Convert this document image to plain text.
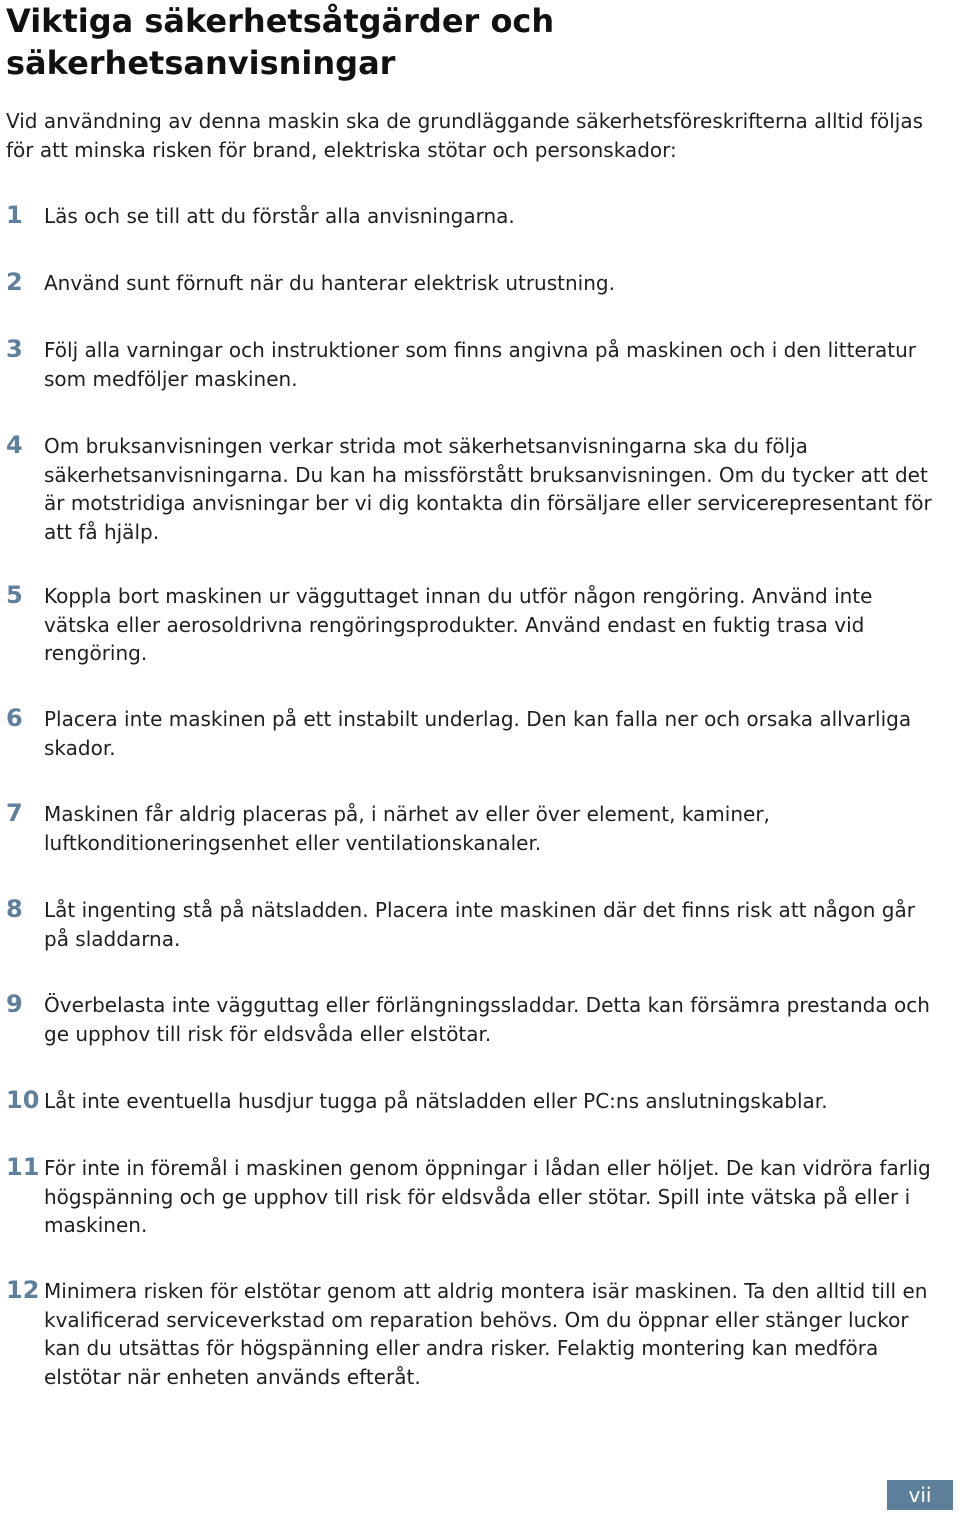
Viktiga säkerhetsåtgärder och säkerhetsanvisningar

Vid användning av denna maskin ska de grundläggande säkerhetsföreskrifterna alltid följas för att minska risken för brand, elektriska stötar och personskador:

1 Läs och se till att du förstår alla anvisningarna.

2 Använd sunt förnuft när du hanterar elektrisk utrustning.

3 Följ alla varningar och instruktioner som finns angivna på maskinen och i den litteratur som medföljer maskinen.

4 Om bruksanvisningen verkar strida mot säkerhetsanvisningarna ska du följa säkerhetsanvisningarna. Du kan ha missförstått bruksanvisningen. Om du tycker att det är motstridiga anvisningar ber vi dig kontakta din försäljare eller servicerepresentant för att få hjälp.

5 Koppla bort maskinen ur vägguttaget innan du utför någon rengöring. Använd inte vätska eller aerosoldrivna rengöringsprodukter. Använd endast en fuktig trasa vid rengöring.

6 Placera inte maskinen på ett instabilt underlag. Den kan falla ner och orsaka allvarliga skador.

7 Maskinen får aldrig placeras på, i närhet av eller över element, kaminer, luftkonditioneringsenhet eller ventilationskanaler.

8 Låt ingenting stå på nätsladden. Placera inte maskinen där det finns risk att någon går på sladdarna.

9 Överbelasta inte vägguttag eller förlängningssladdar. Detta kan försämra prestanda och ge upphov till risk för eldsvåda eller elstötar.

10 Låt inte eventuella husdjur tugga på nätsladden eller PC:ns anslutningskablar.

11 För inte in föremål i maskinen genom öppningar i lådan eller höljet. De kan vidröra farlig högspänning och ge upphov till risk för eldsvåda eller stötar. Spill inte vätska på eller i maskinen.

12 Minimera risken för elstötar genom att aldrig montera isär maskinen. Ta den alltid till en kvalificerad serviceverkstad om reparation behövs. Om du öppnar eller stänger luckor kan du utsättas för högspänning eller andra risker. Felaktig montering kan medföra elstötar när enheten används efteråt.

vii
